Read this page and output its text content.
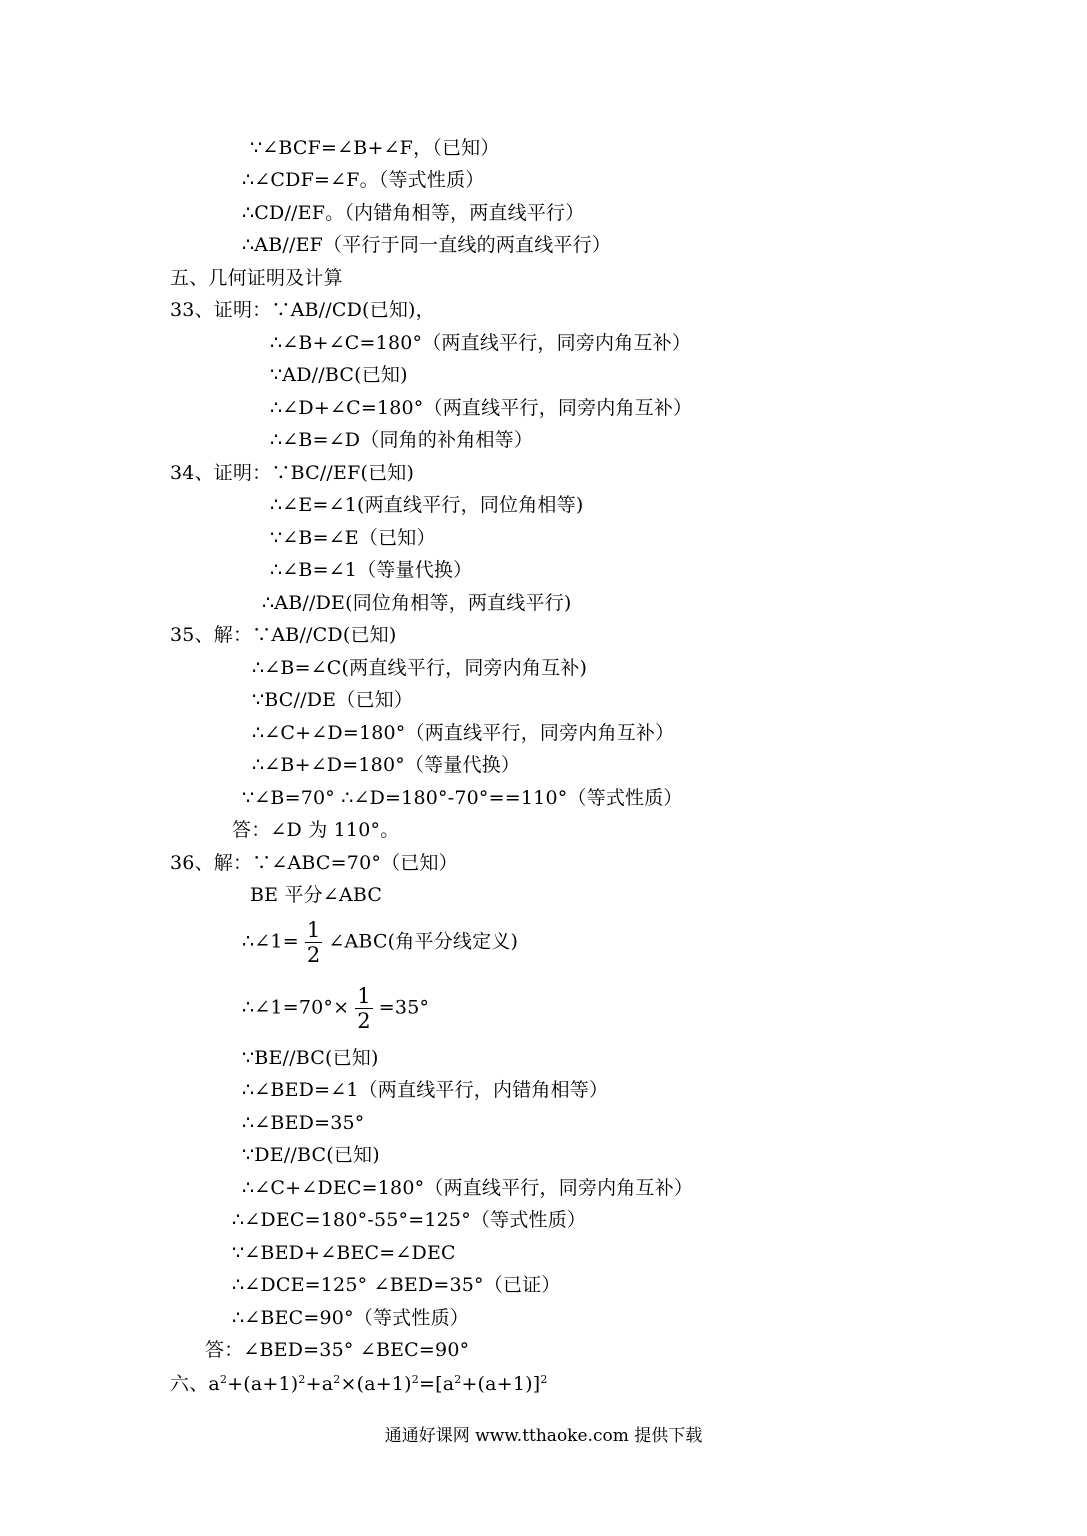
∵∠BCF=∠B+∠F，（已知）
∴∠CDF=∠F。（等式性质）
∴CD//EF。（内错角相等，两直线平行）
∴AB//EF（平行于同一直线的两直线平行）
五、几何证明及计算
33、证明：∵AB//CD(已知)，
∴∠B+∠C=180°（两直线平行，同旁内角互补）
∵AD//BC(已知)
∴∠D+∠C=180°（两直线平行，同旁内角互补）
∴∠B=∠D（同角的补角相等）
34、证明：∵BC//EF(已知)
∴∠E=∠1(两直线平行，同位角相等)
∵∠B=∠E（已知）
∴∠B=∠1（等量代换）
∴AB//DE(同位角相等，两直线平行)
35、解：∵AB//CD(已知)
∴∠B=∠C(两直线平行，同旁内角互补)
∵BC//DE（已知）
∴∠C+∠D=180°（两直线平行，同旁内角互补）
∴∠B+∠D=180°（等量代换）
∵∠B=70° ∴∠D=180°-70°==110°（等式性质）
答：∠D 为 110°。
36、解：∵∠ABC=70°（已知）
BE 平分∠ABC
∴∠1= $\frac{1}{2}$ ∠ABC(角平分线定义)
∴∠1=70°× $\frac{1}{2} =35^\circ$
∵BE//BC(已知)
∴∠BED=∠1（两直线平行，内错角相等）
∴∠BED=35°
∵DE//BC(已知)
∴∠C+∠DEC=180°（两直线平行，同旁内角互补）
∴∠DEC=180°-55°=125°（等式性质）
∵∠BED+∠BEC=∠DEC
∴∠DCE=125° ∠BED=35°（已证）
∴∠BEC=90°（等式性质）
答：∠BED=35° ∠BEC=90°
六、$a^2+(a+1)^2+a^2\times(a+1)^2=[a^2+(a+1)]^2$
通通好课网 www.tthaoke.com 提供下载
